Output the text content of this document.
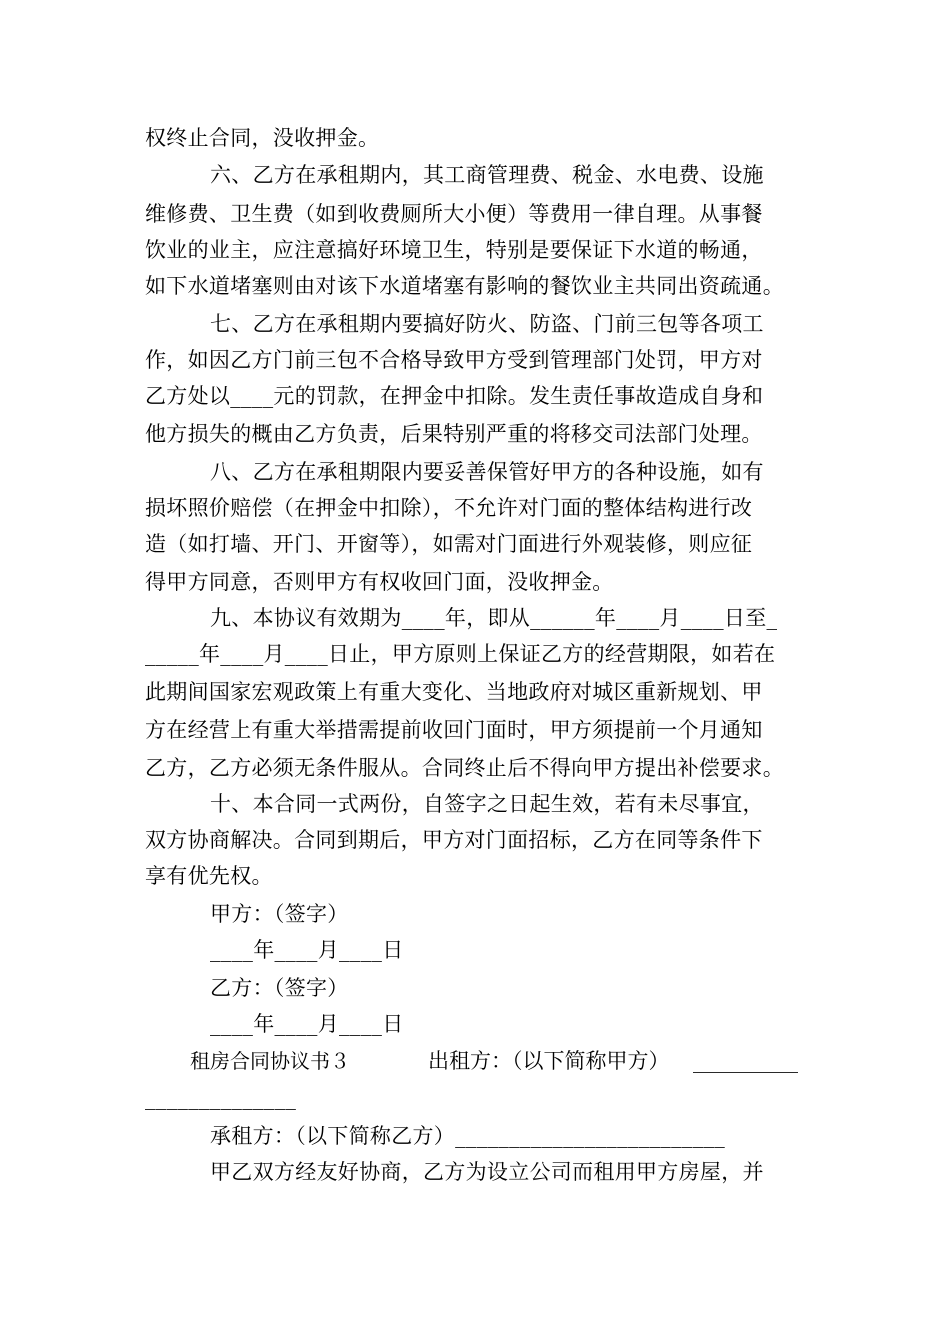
权终止合同，没收押金。
六、乙方在承租期内，其工商管理费、税金、水电费、设施
维修费、卫生费（如到收费厕所大小便）等费用一律自理。从事餐
饮业的业主，应注意搞好环境卫生，特别是要保证下水道的畅通，
如下水道堵塞则由对该下水道堵塞有影响的餐饮业主共同出资疏通。
七、乙方在承租期内要搞好防火、防盗、门前三包等各项工
作，如因乙方门前三包不合格导致甲方受到管理部门处罚，甲方对
乙方处以____元的罚款，在押金中扣除。发生责任事故造成自身和
他方损失的概由乙方负责，后果特别严重的将移交司法部门处理。
八、乙方在承租期限内要妥善保管好甲方的各种设施，如有
损坏照价赔偿（在押金中扣除），不允许对门面的整体结构进行改
造（如打墙、开门、开窗等），如需对门面进行外观装修，则应征
得甲方同意，否则甲方有权收回门面，没收押金。
九、本协议有效期为____年，即从______年____月____日至_
_____年____月____日止，甲方原则上保证乙方的经营期限，如若在
此期间国家宏观政策上有重大变化、当地政府对城区重新规划、甲
方在经营上有重大举措需提前收回门面时，甲方须提前一个月通知
乙方，乙方必须无条件服从。合同终止后不得向甲方提出补偿要求。
十、本合同一式两份，自签字之日起生效，若有未尽事宜，
双方协商解决。合同到期后，甲方对门面招标，乙方在同等条件下
享有优先权。
甲方：（签字）
____年____月____日
乙方：（签字）
____年____月____日
租房合同协议书３	出租方：（以下简称甲方） __________
______________
承租方：（以下简称乙方）_________________________
甲乙双方经友好协商，乙方为设立公司而租用甲方房屋，并
